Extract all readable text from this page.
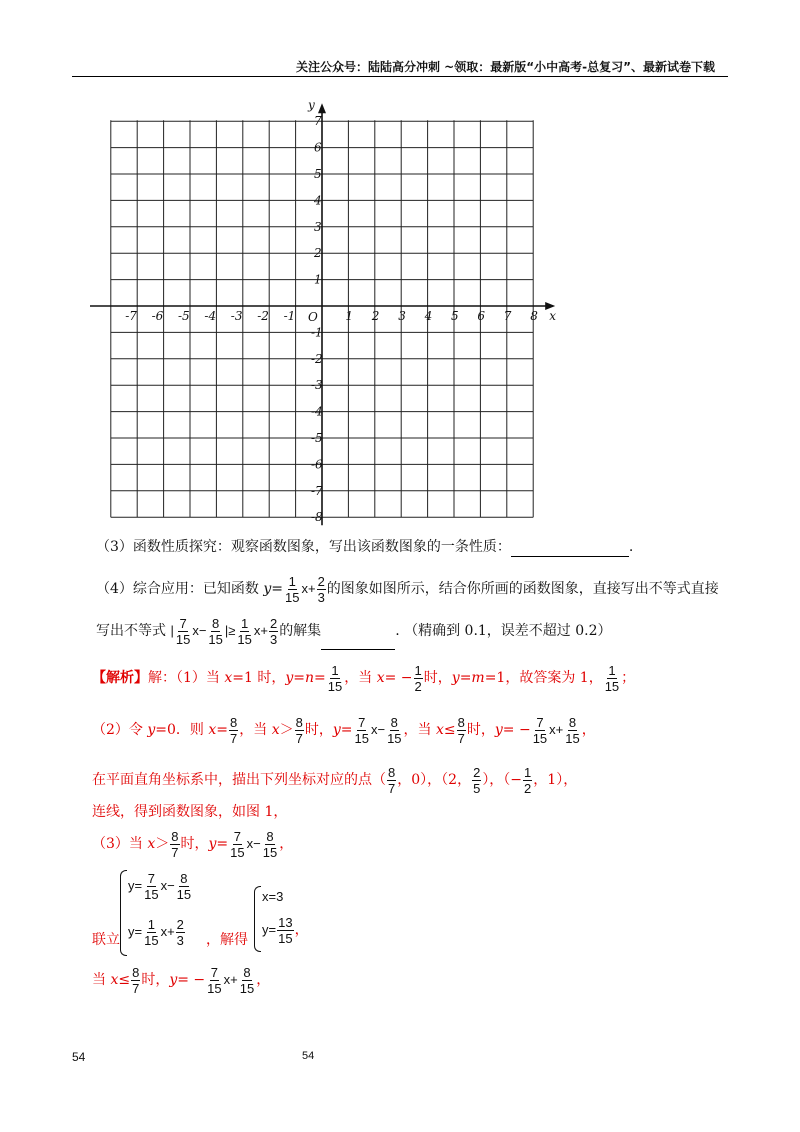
关注公众号：陆陆高分冲刺 ~领取：最新版“小中高考-总复习”、最新试卷下载
-7 -6 -5 -4 -3 -2 -1	1 2 3 4 5 6 7 8
7
6
5
4
3
2
1
-1
-2
-3
-4
-5
-6
-7
-8
x
y
O
（3）函数性质探究：观察函数图象，写出该函数图象的一条性质：	.
（4）综合应用：已知函数 $y= \frac{1}{15} x+ \frac{2}{3}$ 的图象如图所示，结合你所画的函数图象，直接写出不等式直接
写出不等式 | $\frac{7}{15} x- \frac{8}{15}$ |≥ $\frac{1}{15} x+ \frac{2}{3}$ 的解集	. （精确到 0.1，误差不超过 0.2）
【解析】解：（1）当 x=1 时，$y=n= \frac{1}{15}$ ，当 $x= - \frac{1}{2}$ 时，y=m=1，故答案为 1， $\frac{1}{15}$ ；
（2）令 y=0．则 $x= \frac{8}{7}$ ，当 $x> \frac{8}{7}$ 时，$y= \frac{7}{15} x- \frac{8}{15}$ ，当 $x\le \frac{8}{7}$ 时，$y= - \frac{7}{15} x+ \frac{8}{15}$ ，
在平面直角坐标系中，描出下列坐标对应的点（ $\frac{8}{7}$ ，0），（2， $\frac{2}{5}$ ），（− $\frac{1}{2}$ ，1），
连线，得到函数图象，如图 1，
（3）当 $x> \frac{8}{7}$ 时，$y= \frac{7}{15} x- \frac{8}{15}$ ，
$y= \frac{7}{15} x- \frac{8}{15}$
$y= \frac{1}{15} x+ \frac{2}{3}$
联立	，解得
x=3
$y= \frac{13}{15}$ ，
当 $x\le \frac{8}{7}$ 时，$y= - \frac{7}{15} x+ \frac{8}{15}$ ，
54	54
